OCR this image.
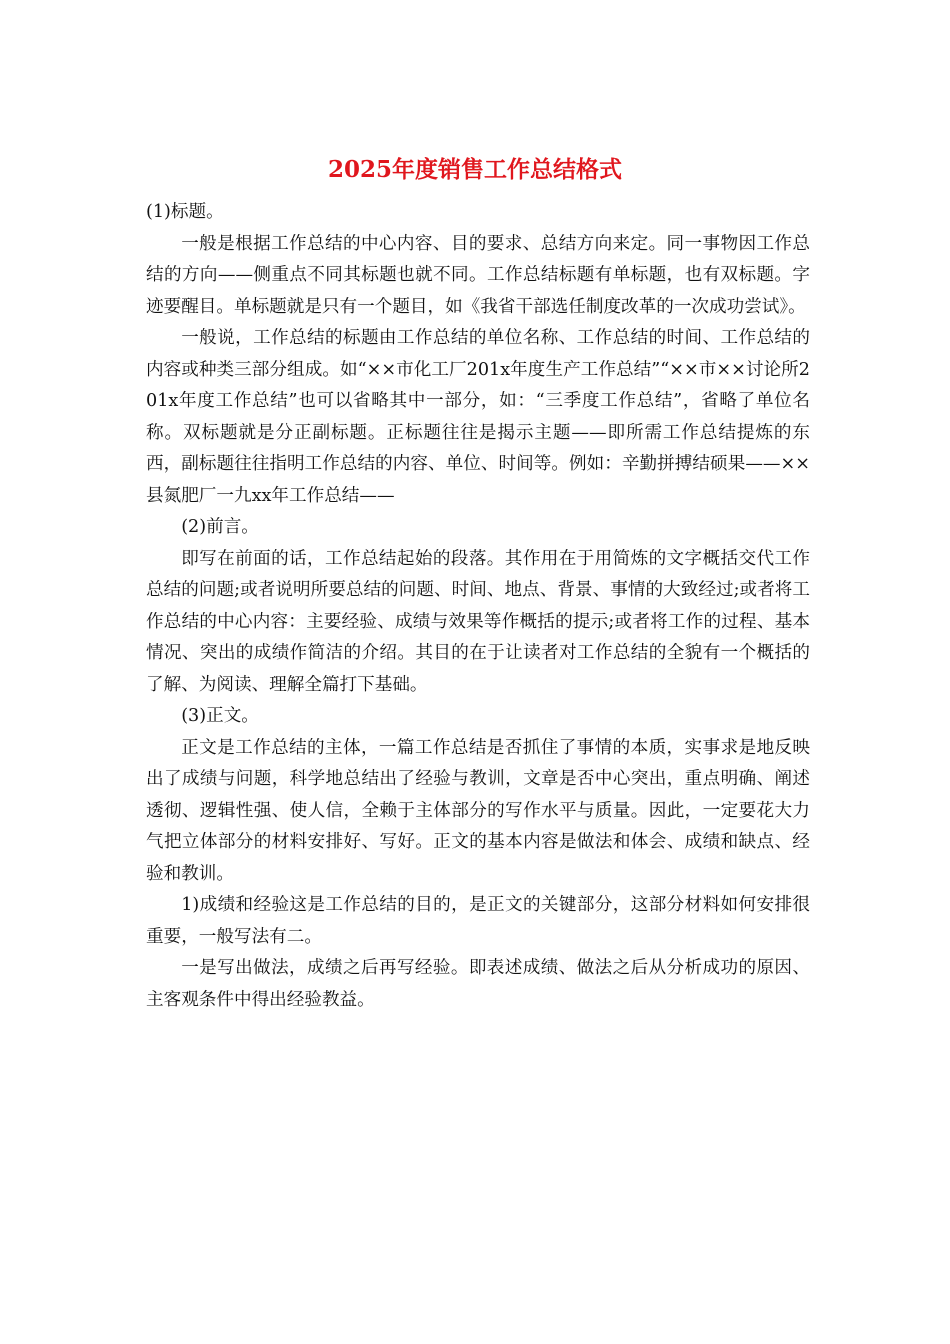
2025年度销售工作总结格式

(1)标题。

一般是根据工作总结的中心内容、目的要求、总结方向来定。同一事物因工作总结的方向——侧重点不同其标题也就不同。工作总结标题有单标题，也有双标题。字迹要醒目。单标题就是只有一个题目，如《我省干部选任制度改革的一次成功尝试》。

一般说，工作总结的标题由工作总结的单位名称、工作总结的时间、工作总结的内容或种类三部分组成。如“××市化工厂201x年度生产工作总结”“××市××讨论所201x年度工作总结”也可以省略其中一部分，如：“三季度工作总结”，省略了单位名称。双标题就是分正副标题。正标题往往是揭示主题——即所需工作总结提炼的东西，副标题往往指明工作总结的内容、单位、时间等。例如：辛勤拼搏结硕果——××县氮肥厂一九xx年工作总结——

(2)前言。

即写在前面的话，工作总结起始的段落。其作用在于用简炼的文字概括交代工作总结的问题;或者说明所要总结的问题、时间、地点、背景、事情的大致经过;或者将工作总结的中心内容：主要经验、成绩与效果等作概括的提示;或者将工作的过程、基本情况、突出的成绩作简洁的介绍。其目的在于让读者对工作总结的全貌有一个概括的了解、为阅读、理解全篇打下基础。

(3)正文。

正文是工作总结的主体，一篇工作总结是否抓住了事情的本质，实事求是地反映出了成绩与问题，科学地总结出了经验与教训，文章是否中心突出，重点明确、阐述透彻、逻辑性强、使人信，全赖于主体部分的写作水平与质量。因此，一定要花大力气把立体部分的材料安排好、写好。正文的基本内容是做法和体会、成绩和缺点、经验和教训。

1)成绩和经验这是工作总结的目的，是正文的关键部分，这部分材料如何安排很重要，一般写法有二。

一是写出做法，成绩之后再写经验。即表述成绩、做法之后从分析成功的原因、主客观条件中得出经验教益。
